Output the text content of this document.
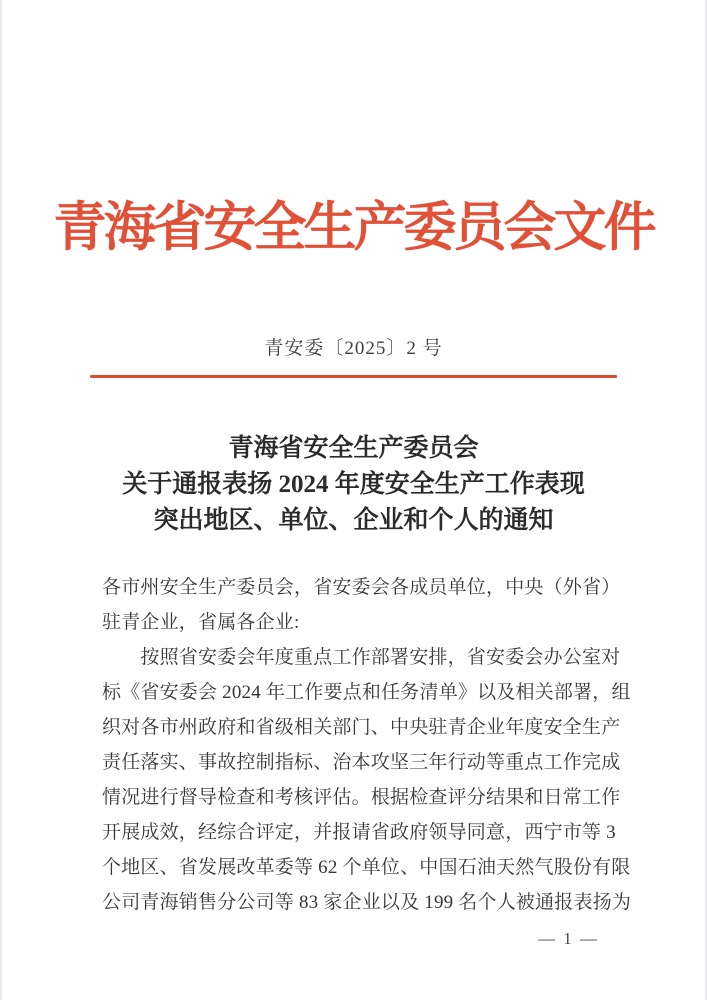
青海省安全生产委员会文件
青安委〔2025〕2 号
青海省安全生产委员会
关于通报表扬 2024 年度安全生产工作表现
突出地区、单位、企业和个人的通知
各市州安全生产委员会，省安委会各成员单位，中央（外省）
驻青企业，省属各企业:
　　按照省安委会年度重点工作部署安排，省安委会办公室对
标《省安委会 2024 年工作要点和任务清单》以及相关部署，组
织对各市州政府和省级相关部门、中央驻青企业年度安全生产
责任落实、事故控制指标、治本攻坚三年行动等重点工作完成
情况进行督导检查和考核评估。根据检查评分结果和日常工作
开展成效，经综合评定，并报请省政府领导同意，西宁市等 3
个地区、省发展改革委等 62 个单位、中国石油天然气股份有限
公司青海销售分公司等 83 家企业以及 199 名个人被通报表扬为
— 1 —
